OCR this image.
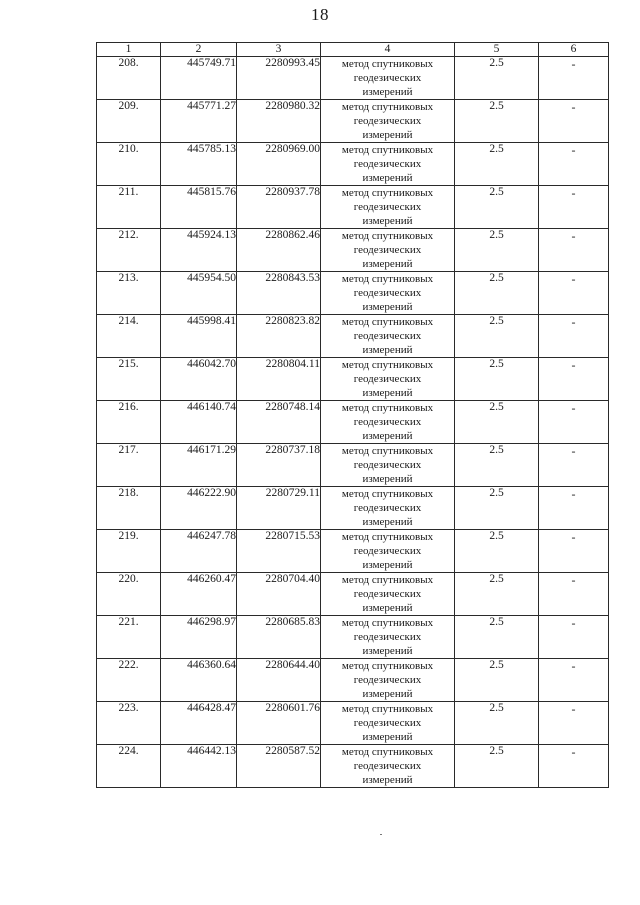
18
1	2	3	4	5	6
208.	445749.71	2280993.45	метод спутниковых
геодезических
измерений	2.5	-
209.	445771.27	2280980.32	метод спутниковых
геодезических
измерений	2.5	-
210.	445785.13	2280969.00	метод спутниковых
геодезических
измерений	2.5	-
211.	445815.76	2280937.78	метод спутниковых
геодезических
измерений	2.5	-
212.	445924.13	2280862.46	метод спутниковых
геодезических
измерений	2.5	-
213.	445954.50	2280843.53	метод спутниковых
геодезических
измерений	2.5	-
214.	445998.41	2280823.82	метод спутниковых
геодезических
измерений	2.5	-
215.	446042.70	2280804.11	метод спутниковых
геодезических
измерений	2.5	-
216.	446140.74	2280748.14	метод спутниковых
геодезических
измерений	2.5	-
217.	446171.29	2280737.18	метод спутниковых
геодезических
измерений	2.5	-
218.	446222.90	2280729.11	метод спутниковых
геодезических
измерений	2.5	-
219.	446247.78	2280715.53	метод спутниковых
геодезических
измерений	2.5	-
220.	446260.47	2280704.40	метод спутниковых
геодезических
измерений	2.5	-
221.	446298.97	2280685.83	метод спутниковых
геодезических
измерений	2.5	-
222.	446360.64	2280644.40	метод спутниковых
геодезических
измерений	2.5	-
223.	446428.47	2280601.76	метод спутниковых
геодезических
измерений	2.5	-
224.	446442.13	2280587.52	метод спутниковых
геодезических
измерений	2.5	-
